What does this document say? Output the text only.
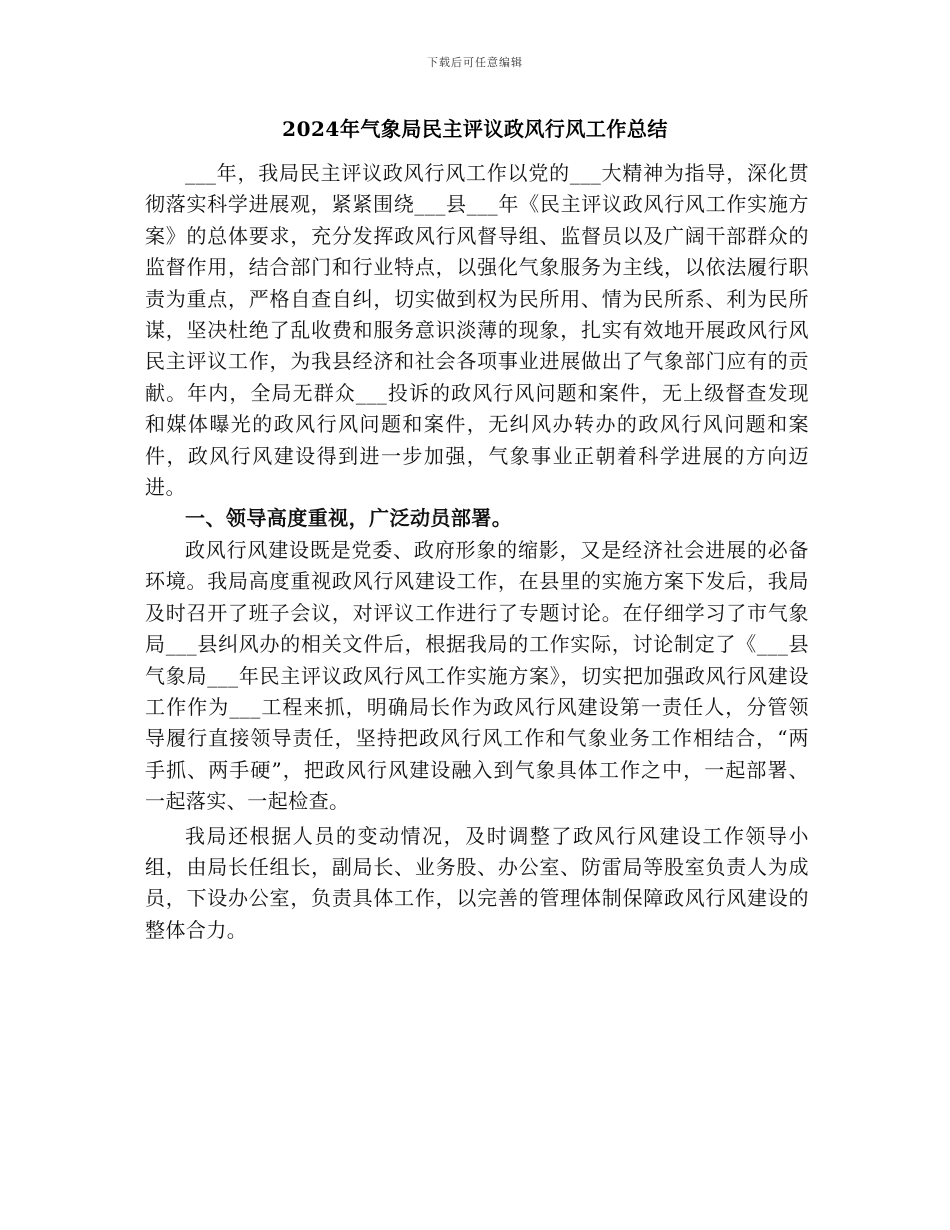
下载后可任意编辑
2024年气象局民主评议政风行风工作总结

___年，我局民主评议政风行风工作以党的___大精神为指导，深化贯彻落实科学进展观，紧紧围绕___县___年《民主评议政风行风工作实施方案》的总体要求，充分发挥政风行风督导组、监督员以及广阔干部群众的监督作用，结合部门和行业特点，以强化气象服务为主线，以依法履行职责为重点，严格自查自纠，切实做到权为民所用、情为民所系、利为民所谋，坚决杜绝了乱收费和服务意识淡薄的现象，扎实有效地开展政风行风民主评议工作，为我县经济和社会各项事业进展做出了气象部门应有的贡献。年内，全局无群众___投诉的政风行风问题和案件，无上级督查发现和媒体曝光的政风行风问题和案件，无纠风办转办的政风行风问题和案件，政风行风建设得到进一步加强，气象事业正朝着科学进展的方向迈进。

一、领导高度重视，广泛动员部署。

政风行风建设既是党委、政府形象的缩影，又是经济社会进展的必备环境。我局高度重视政风行风建设工作，在县里的实施方案下发后，我局及时召开了班子会议，对评议工作进行了专题讨论。在仔细学习了市气象局___县纠风办的相关文件后，根据我局的工作实际，讨论制定了《___县气象局___年民主评议政风行风工作实施方案》，切实把加强政风行风建设工作作为___工程来抓，明确局长作为政风行风建设第一责任人，分管领导履行直接领导责任，坚持把政风行风工作和气象业务工作相结合，“两手抓、两手硬”，把政风行风建设融入到气象具体工作之中，一起部署、一起落实、一起检查。

我局还根据人员的变动情况，及时调整了政风行风建设工作领导小组，由局长任组长，副局长、业务股、办公室、防雷局等股室负责人为成员，下设办公室，负责具体工作，以完善的管理体制保障政风行风建设的整体合力。
